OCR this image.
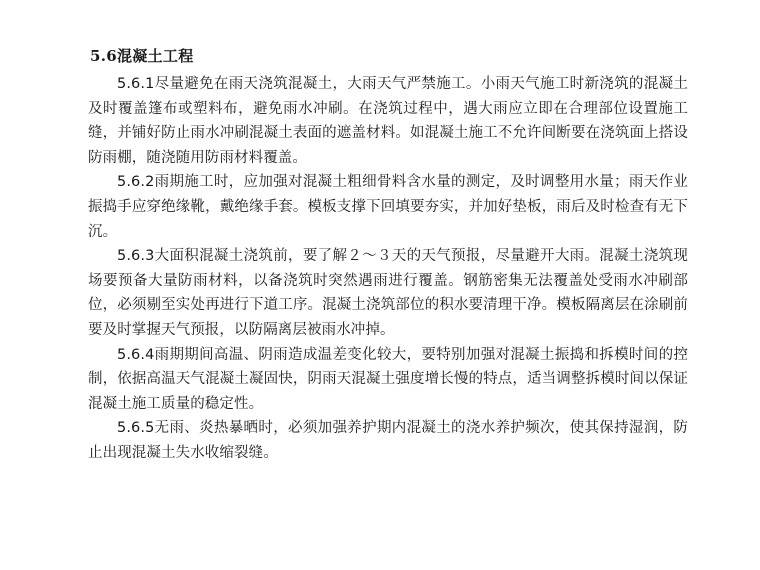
5.6混凝土工程

5.6.1尽量避免在雨天浇筑混凝土，大雨天气严禁施工。小雨天气施工时新浇筑的混凝土及时覆盖篷布或塑料布，避免雨水冲刷。在浇筑过程中，遇大雨应立即在合理部位设置施工缝，并铺好防止雨水冲刷混凝土表面的遮盖材料。如混凝土施工不允许间断要在浇筑面上搭设防雨棚，随浇随用防雨材料覆盖。

5.6.2雨期施工时，应加强对混凝土粗细骨料含水量的测定，及时调整用水量；雨天作业振捣手应穿绝缘靴，戴绝缘手套。模板支撑下回填要夯实，并加好垫板，雨后及时检查有无下沉。

5.6.3大面积混凝土浇筑前，要了解２～３天的天气预报，尽量避开大雨。混凝土浇筑现场要预备大量防雨材料，以备浇筑时突然遇雨进行覆盖。钢筋密集无法覆盖处受雨水冲刷部位，必须剔至实处再进行下道工序。混凝土浇筑部位的积水要清理干净。模板隔离层在涂刷前要及时掌握天气预报，以防隔离层被雨水冲掉。

5.6.4雨期期间高温、阴雨造成温差变化较大，要特别加强对混凝土振捣和拆模时间的控制，依据高温天气混凝土凝固快，阴雨天混凝土强度增长慢的特点，适当调整拆模时间以保证混凝土施工质量的稳定性。

5.6.5无雨、炎热暴晒时，必须加强养护期内混凝土的浇水养护频次，使其保持湿润，防止出现混凝土失水收缩裂缝。
